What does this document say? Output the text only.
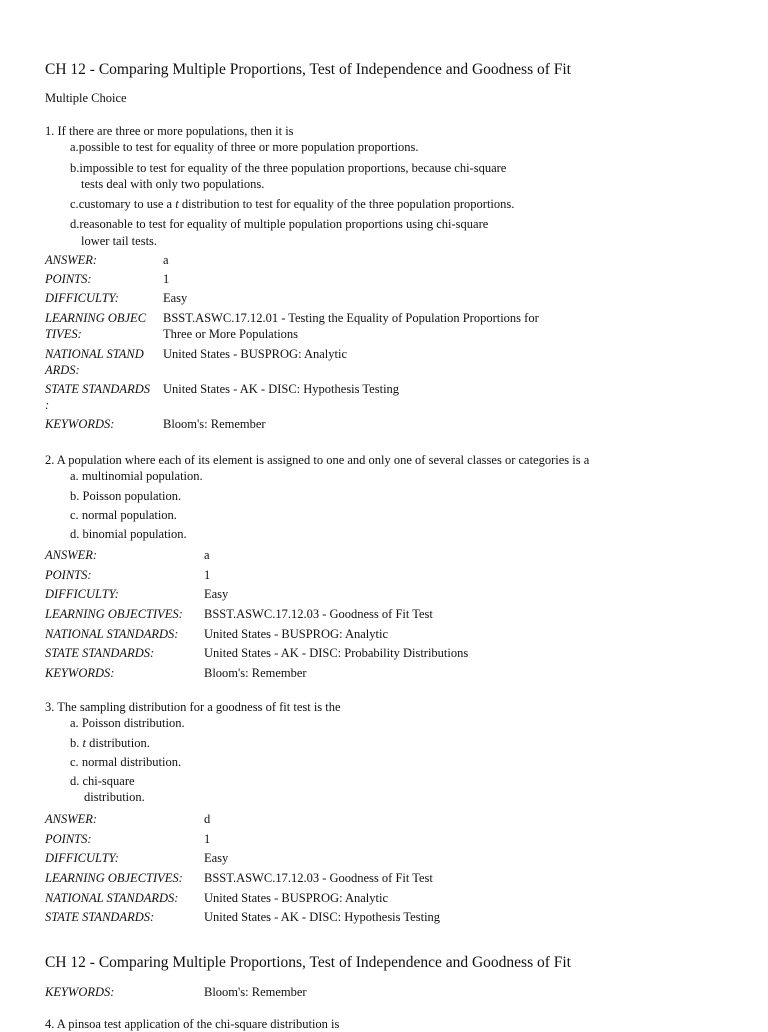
CH 12 - Comparing Multiple Proportions, Test of Independence and Goodness of Fit
Multiple Choice
1. If there are three or more populations, then it is
a.possible to test for equality of three or more population proportions.
b.impossible to test for equality of the three population proportions, because chi-square
tests deal with only two populations.
c.customary to use a t distribution to test for equality of the three population proportions.
d.reasonable to test for equality of multiple population proportions using chi-square
lower tail tests.
ANSWER:	a
POINTS:	1
DIFFICULTY:	Easy
LEARNING OBJEC
TIVES:
BSST.ASWC.17.12.01 - Testing the Equality of Population Proportions for
Three or More Populations
NATIONAL STAND
ARDS:
United States - BUSPROG: Analytic
STATE STANDARDS
:
United States - AK - DISC: Hypothesis Testing
KEYWORDS:	Bloom's: Remember
2. A population where each of its element is assigned to one and only one of several classes or categories is a
a. multinomial population.
b. Poisson population.
c. normal population.
d. binomial population.
ANSWER:	a
POINTS:	1
DIFFICULTY:	Easy
LEARNING OBJECTIVES: BSST.ASWC.17.12.03 - Goodness of Fit Test
NATIONAL STANDARDS: United States - BUSPROG: Analytic
STATE STANDARDS:	United States - AK - DISC: Probability Distributions
KEYWORDS:	Bloom's: Remember
3. The sampling distribution for a goodness of fit test is the
a. Poisson distribution.
b. t distribution.
c. normal distribution.
d. chi-square
distribution.
ANSWER:	d
POINTS:	1
DIFFICULTY:	Easy
LEARNING OBJECTIVES: BSST.ASWC.17.12.03 - Goodness of Fit Test
NATIONAL STANDARDS: United States - BUSPROG: Analytic
STATE STANDARDS:	United States - AK - DISC: Hypothesis Testing
CH 12 - Comparing Multiple Proportions, Test of Independence and Goodness of Fit
KEYWORDS:	Bloom's: Remember
4. A pinsoa test application of the chi-square distribution is
